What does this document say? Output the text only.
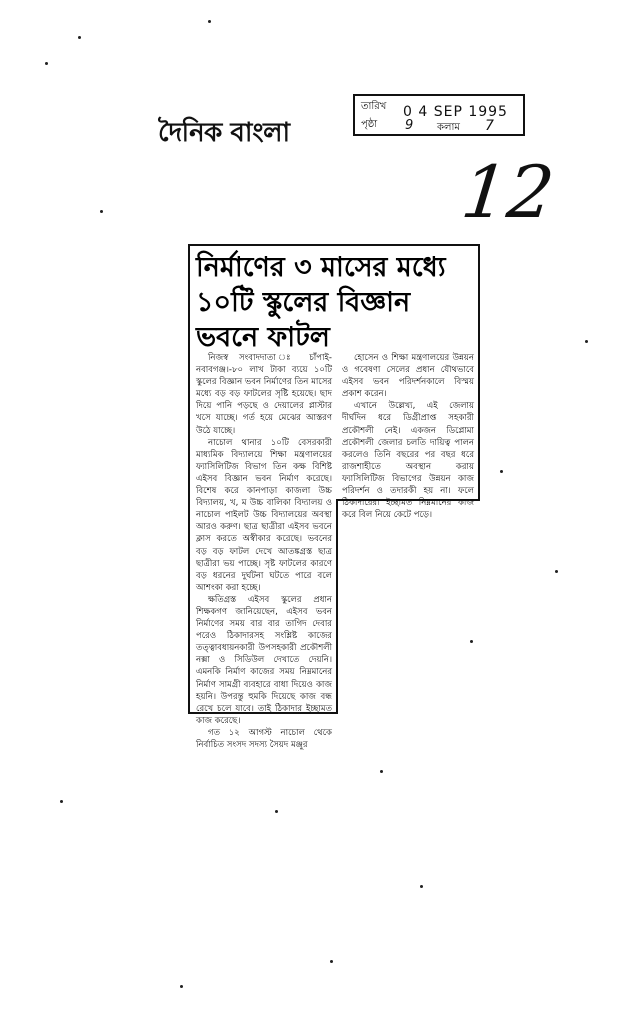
দৈনিক বাংলা
তারিখ 0 4 SEP 1995
পৃষ্ঠা 9 কলাম 7
12
নির্মাণের ৩ মাসের মধ্যে ১০টি স্কুলের বিজ্ঞান ভবনে ফাটল

নিজস্ব সংবাদদাতা ঃ চাঁপাই-নবাবগঞ্জ।-৮০ লাখ টাকা ব্যয়ে ১০টি স্কুলের বিজ্ঞান ভবন নির্মাণের তিন মাসের মধ্যে বড় বড় ফাটলের সৃষ্টি হয়েছে। ছাদ দিয়ে পানি পড়ছে ও দেয়ালের প্লাস্টার খসে যাচ্ছে। গর্ত হয়ে মেঝের আস্তরণ উঠে যাচ্ছে।

নাচোল থানার ১০টি বেসরকারী মাধ্যমিক বিদ্যালয়ে শিক্ষা মন্ত্রণালয়ের ফ্যাসিলিটিজ বিভাগ তিন কক্ষ বিশিষ্ট এইসব বিজ্ঞান ভবন নির্মাণ করেছে। বিশেষ করে কানপাড়া কাজলা উচ্চ বিদ্যালয়, খ, ম উচ্চ বালিকা বিদ্যালয় ও নাচোল পাইলট উচ্চ বিদ্যালয়ের অবস্থা আরও করুণ। ছাত্র ছাত্রীরা এইসব ভবনে ক্লাস করতে অস্বীকার করেছে। ভবনের বড় বড় ফাটল দেখে আতঙ্কগ্রস্ত ছাত্র ছাত্রীরা ভয় পাচ্ছে। সৃষ্ট ফাটলের কারণে বড় ধরনের দুর্ঘটনা ঘটতে পারে বলে আশংকা করা হচ্ছে।

ক্ষতিগ্রস্ত এইসব স্কুলের প্রধান শিক্ষকগণ জানিয়েছেন, এইসব ভবন নির্মাণের সময় বার বার তাগিদ দেবার পরেও ঠিকাদারসহ সংশ্লিষ্ট কাজের তত্ত্বাবধায়নকারী উপসহকারী প্রকৌশলী নক্সা ও সিডিউল দেখাতে দেয়নি। এমনকি নির্মাণ কাজের সময় নিম্নমানের নির্মাণ সামগ্রী ব্যবহারে বাধা দিয়েও কাজ হয়নি। উপরন্তু হুমকি দিয়েছে কাজ বন্ধ রেখে চলে যাবে। তাই ঠিকাদার ইচ্ছামত কাজ করেছে।

গত ১২ আগস্ট নাচোল থেকে নির্বাচিত সংসদ সদস্য সৈয়দ মঞ্জুর

হোসেন ও শিক্ষা মন্ত্রণালয়ের উন্নয়ন ও গবেষণা সেলের প্রধান যৌথভাবে এইসব ভবন পরিদর্শনকালে বিস্ময় প্রকাশ করেন।

এখানে উল্লেখ্য, এই জেলায় দীর্ঘদিন ধরে ডিগ্রীপ্রাপ্ত সহকারী প্রকৌশলী নেই। একজন ডিপ্লোমা প্রকৌশলী জেলার চলতি দায়িত্ব পালন করলেও তিনি বছরের পর বছর ধরে রাজশাহীতে অবস্থান করায় ফ্যাসিলিটিজ বিভাগের উন্নয়ন কাজ পরিদর্শন ও তদারকী হয় না। ফলে ঠিকাদারেরা ইচ্ছামত নিম্নমানের কাজ করে বিল নিয়ে কেটে পড়ে।
